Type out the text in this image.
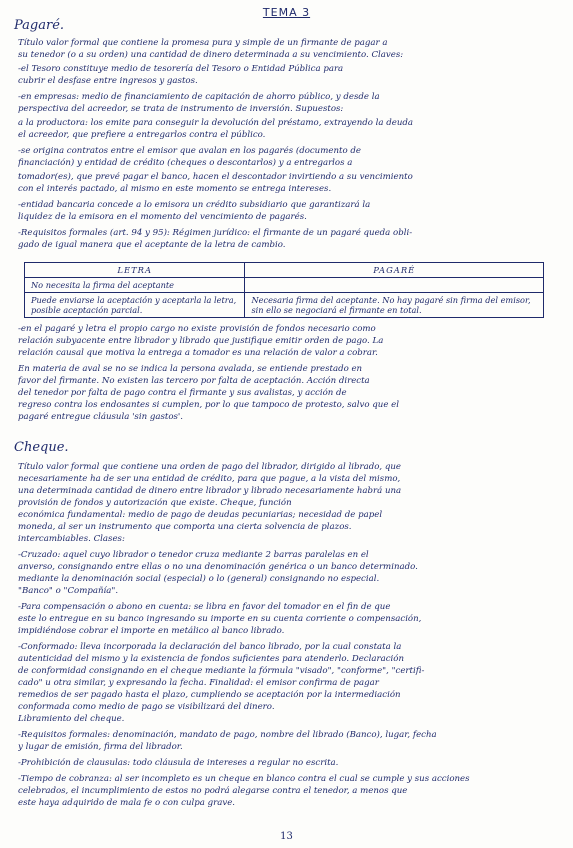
TEMA 3
Pagaré.
Título valor formal que contiene la promesa pura y simple de un firmante de pagar a
su tenedor (o a su orden) una cantidad de dinero determinada a su vencimiento. Claves:
-el Tesoro constituye medio de tesorería del Tesoro o Entidad Pública para
cubrir el desfase entre ingresos y gastos.
-en empresas: medio de financiamiento de capitación de ahorro público, y desde la
perspectiva del acreedor, se trata de instrumento de inversión. Supuestos:
a la productora: los emite para conseguir la devolución del préstamo, extrayendo la deuda
el acreedor, que prefiere a entregarlos contra el público.
-se origina contratos entre el emisor que avalan en los pagarés (documento de
financiación) y entidad de crédito (cheques o descontarlos) y a entregarlos a
tomador(es), que prevé pagar el banco, hacen el descontador invirtiendo a su vencimiento
con el interés pactado, al mismo en este momento se entrega intereses.
-entidad bancaria concede a lo emisora un crédito subsidiario que garantizará la
liquidez de la emisora en el momento del vencimiento de pagarés.
-Requisitos formales (art. 94 y 95): Régimen jurídico: el firmante de un pagaré queda obli-
gado de igual manera que el aceptante de la letra de cambio.
LETRA	PAGARÉ
No necesita la firma del aceptante	
Puede enviarse la aceptación y aceptarla la letra, posible aceptación parcial.	Necesaria firma del aceptante. No hay pagaré sin firma del emisor, sin ello se negociará el firmante en total.
-en el pagaré y letra el propio cargo no existe provisión de fondos necesario como
relación subyacente entre librador y librado que justifique emitir orden de pago. La
relación causal que motiva la entrega a tomador es una relación de valor a cobrar.
En materia de aval se no se indica la persona avalada, se entiende prestado en
favor del firmante. No existen las tercero por falta de aceptación. Acción directa
del tenedor por falta de pago contra el firmante y sus avalistas, y acción de
regreso contra los endosantes si cumplen, por lo que tampoco de protesto, salvo que el
pagaré entregue cláusula 'sin gastos'.
Cheque.
Título valor formal que contiene una orden de pago del librador, dirigido al librado, que
necesariamente ha de ser una entidad de crédito, para que pague, a la vista del mismo,
una determinada cantidad de dinero entre librador y librado necesariamente habrá una
provisión de fondos y autorización que existe. Cheque, función
económica fundamental: medio de pago de deudas pecuniarias; necesidad de papel
moneda, al ser un instrumento que comporta una cierta solvencia de plazos.
intercambiables. Clases:
-Cruzado: aquel cuyo librador o tenedor cruza mediante 2 barras paralelas en el
anverso, consignando entre ellas o no una denominación genérica o un banco determinado.
mediante la denominación social (especial) o lo (general) consignando no especial.
"Banco" o "Compañía".
-Para compensación o abono en cuenta: se libra en favor del tomador en el fin de que
este lo entregue en su banco ingresando su importe en su cuenta corriente o compensación,
impidiéndose cobrar el importe en metálico al banco librado.
-Conformado: lleva incorporada la declaración del banco librado, por la cual constata la
autenticidad del mismo y la existencia de fondos suficientes para atenderlo. Declaración
de conformidad consignando en el cheque mediante la fórmula "visado", "conforme", "certifi-
cado" u otra similar, y expresando la fecha. Finalidad: el emisor confirma de pagar
remedios de ser pagado hasta el plazo, cumpliendo se aceptación por la intermediación
conformada como medio de pago se visibilizará del dinero.
Libramiento del cheque.
-Requisitos formales: denominación, mandato de pago, nombre del librado (Banco), lugar, fecha
y lugar de emisión, firma del librador.
-Prohibición de clausulas: todo cláusula de intereses a regular no escrita.
-Tiempo de cobranza: al ser incompleto es un cheque en blanco contra el cual se cumple y sus acciones
celebrados, el incumplimiento de estos no podrá alegarse contra el tenedor, a menos que
este haya adquirido de mala fe o con culpa grave.
13
